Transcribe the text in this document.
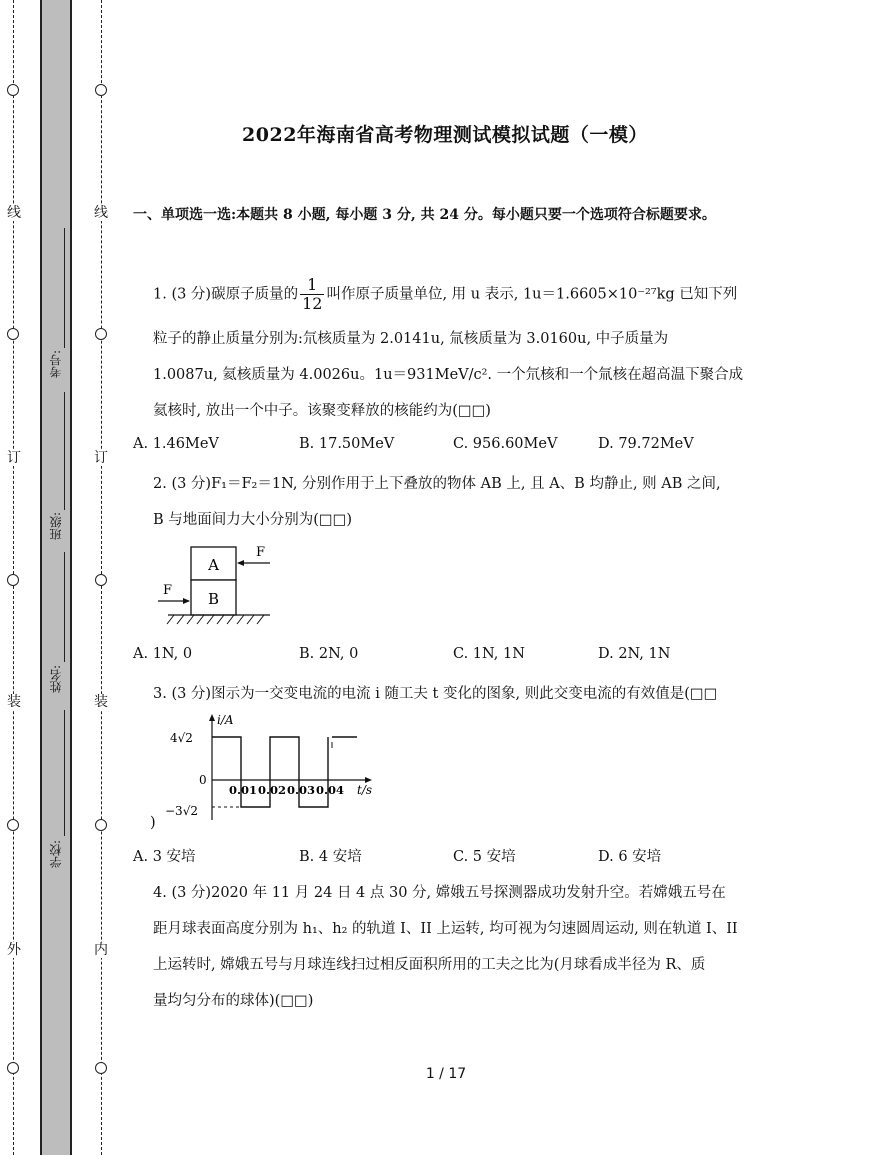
线
订
装
外
线
订
装
内
考号:
班级:
姓名:
学校:
2022年海南省高考物理测试模拟试题（一模）
一、单项选一选:本题共 8 小题, 每小题 3 分, 共 24 分。每小题只要一个选项符合标题要求。
1. (3 分)碳原子质量的 $\frac{1}{12}$ 叫作原子质量单位, 用 u 表示, 1u＝1.6605×10⁻²⁷kg 已知下列
粒子的静止质量分别为:氘核质量为 2.0141u, 氚核质量为 3.0160u, 中子质量为
1.0087u, 氦核质量为 4.0026u。1u＝931MeV/c². 一个氘核和一个氚核在超高温下聚合成
氦核时, 放出一个中子。该聚变释放的核能约为(□□)
A. 1.46MeV	B. 17.50MeV	C. 956.60MeV	D. 79.72MeV
2. (3 分)F₁＝F₂＝1N, 分别作用于上下叠放的物体 AB 上, 且 A、B 均静止, 则 AB 之间,
B 与地面间力大小分别为(□□)
A
B
F
F
A. 1N, 0	B. 2N, 0	C. 1N, 1N	D. 2N, 1N
3. (3 分)图示为一交变电流的电流 i 随工夫 t 变化的图象, 则此交变电流的有效值是(□□
i/A
t/s
0
4√2
−3√2
0.01 0.02 0.03 0.04
)
A. 3 安培	B. 4 安培	C. 5 安培	D. 6 安培
4. (3 分)2020 年 11 月 24 日 4 点 30 分, 嫦娥五号探测器成功发射升空。若嫦娥五号在
距月球表面高度分别为 h₁、h₂ 的轨道 I、II 上运转, 均可视为匀速圆周运动, 则在轨道 I、II
上运转时, 嫦娥五号与月球连线扫过相反面积所用的工夫之比为(月球看成半径为 R、质
量均匀分布的球体)(□□)
1 / 17
